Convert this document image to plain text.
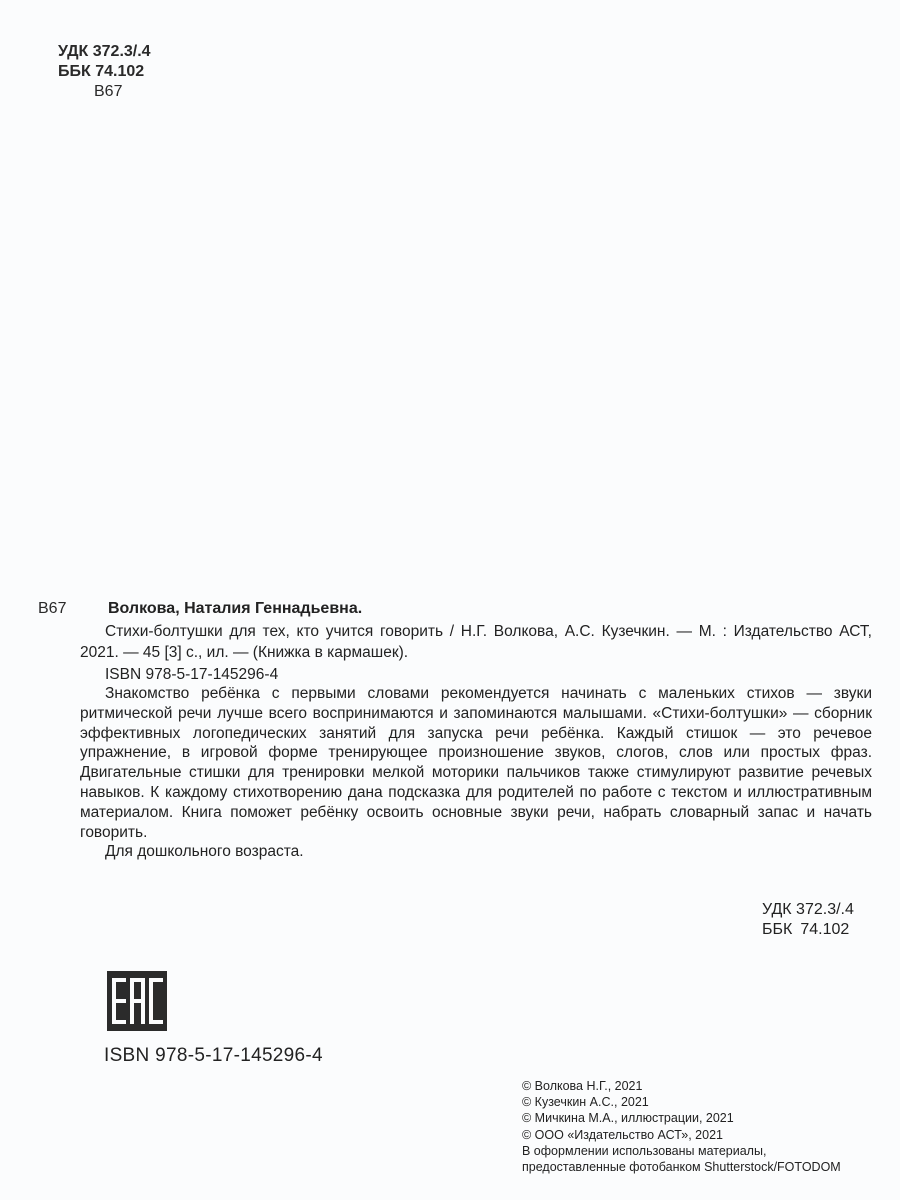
УДК 372.3/.4
ББК 74.102
В67
В67	Волкова, Наталия Геннадьевна.

Стихи-болтушки для тех, кто учится говорить / Н.Г. Волкова, А.С. Кузечкин. — М. : Издательство АСТ, 2021. — 45 [3] с., ил. — (Книжка в кармашек).

ISBN 978-5-17-145296-4

Знакомство ребёнка с первыми словами рекомендуется начинать с маленьких стихов — звуки ритмической речи лучше всего воспринимаются и запоминаются малышами. «Стихи-болтушки» — сборник эффективных логопедических занятий для запуска речи ребёнка. Каждый стишок — это речевое упражнение, в игровой форме тренирующее произношение звуков, слогов, слов или простых фраз. Двигательные стишки для тренировки мелкой моторики пальчиков также стимулируют развитие речевых навыков. К каждому стихотворению дана подсказка для родителей по работе с текстом и иллюстративным материалом. Книга поможет ребёнку освоить основные звуки речи, набрать словарный запас и начать говорить.

Для дошкольного возраста.

УДК 372.3/.4
ББК 74.102
ISBN 978-5-17-145296-4
© Волкова Н.Г., 2021
© Кузечкин А.С., 2021
© Мичкина М.А., иллюстрации, 2021
© ООО «Издательство АСТ», 2021
В оформлении использованы материалы,
предоставленные фотобанком Shutterstock/FOTODOM
